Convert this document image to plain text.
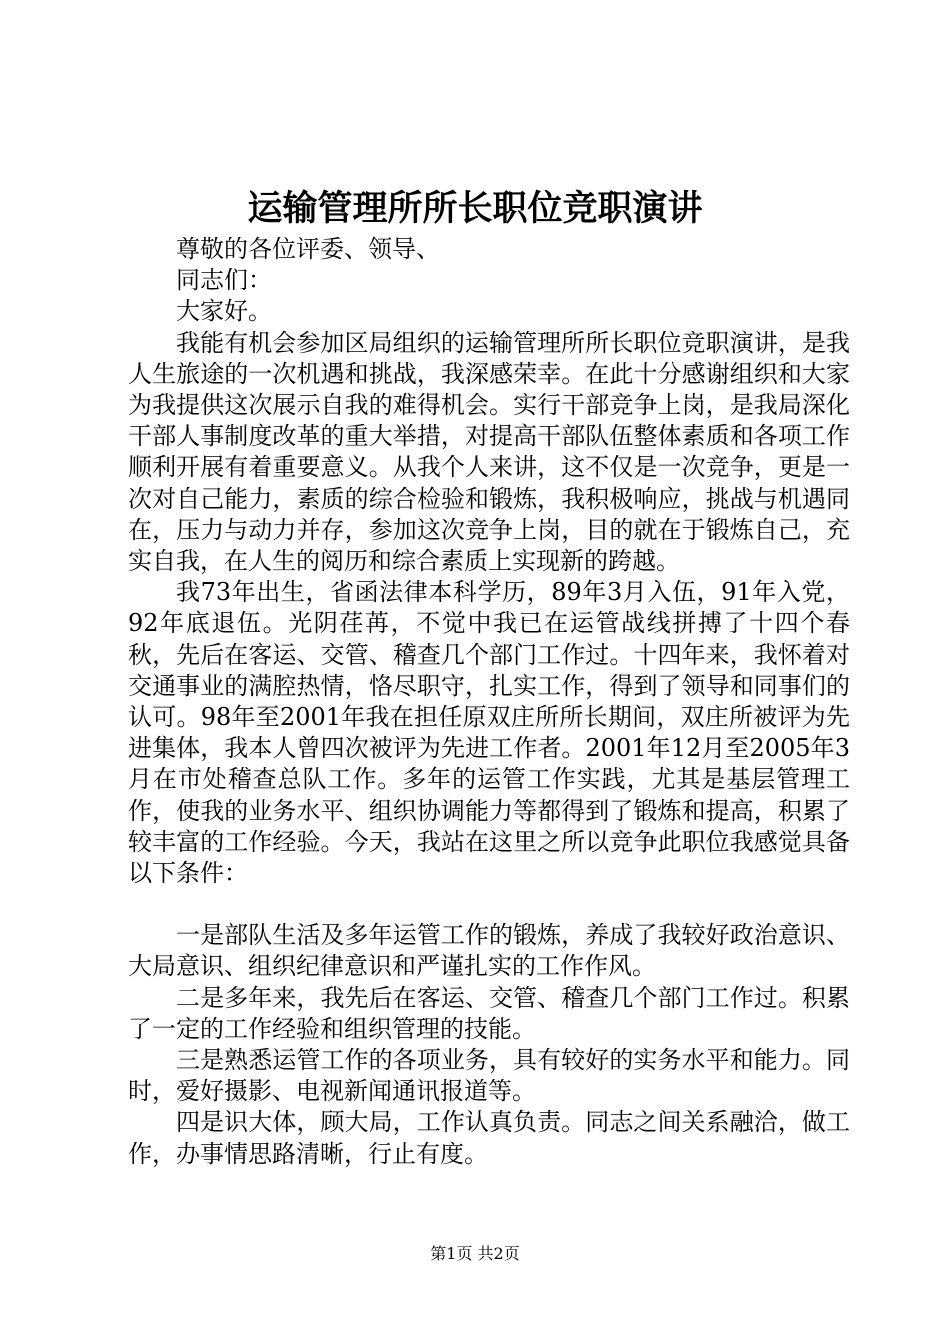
运输管理所所长职位竞职演讲

尊敬的各位评委、领导、

同志们：

大家好。

我能有机会参加区局组织的运输管理所所长职位竞职演讲，是我人生旅途的一次机遇和挑战，我深感荣幸。在此十分感谢组织和大家为我提供这次展示自我的难得机会。实行干部竞争上岗，是我局深化干部人事制度改革的重大举措，对提高干部队伍整体素质和各项工作顺利开展有着重要意义。从我个人来讲，这不仅是一次竞争，更是一次对自己能力，素质的综合检验和锻炼，我积极响应，挑战与机遇同在，压力与动力并存，参加这次竞争上岗，目的就在于锻炼自己，充实自我，在人生的阅历和综合素质上实现新的跨越。

我73年出生，省函法律本科学历，89年3月入伍，91年入党，92年底退伍。光阴荏苒，不觉中我已在运管战线拼搏了十四个春秋，先后在客运、交管、稽查几个部门工作过。十四年来，我怀着对交通事业的满腔热情，恪尽职守，扎实工作，得到了领导和同事们的认可。98年至2001年我在担任原双庄所所长期间，双庄所被评为先进集体，我本人曾四次被评为先进工作者。2001年12月至2005年3月在市处稽查总队工作。多年的运管工作实践，尤其是基层管理工作，使我的业务水平、组织协调能力等都得到了锻炼和提高，积累了较丰富的工作经验。今天，我站在这里之所以竞争此职位我感觉具备以下条件：

一是部队生活及多年运管工作的锻炼，养成了我较好政治意识、大局意识、组织纪律意识和严谨扎实的工作作风。

二是多年来，我先后在客运、交管、稽查几个部门工作过。积累了一定的工作经验和组织管理的技能。

三是熟悉运管工作的各项业务，具有较好的实务水平和能力。同时，爱好摄影、电视新闻通讯报道等。

四是识大体，顾大局，工作认真负责。同志之间关系融洽，做工作，办事情思路清晰，行止有度。

第1页 共2页
